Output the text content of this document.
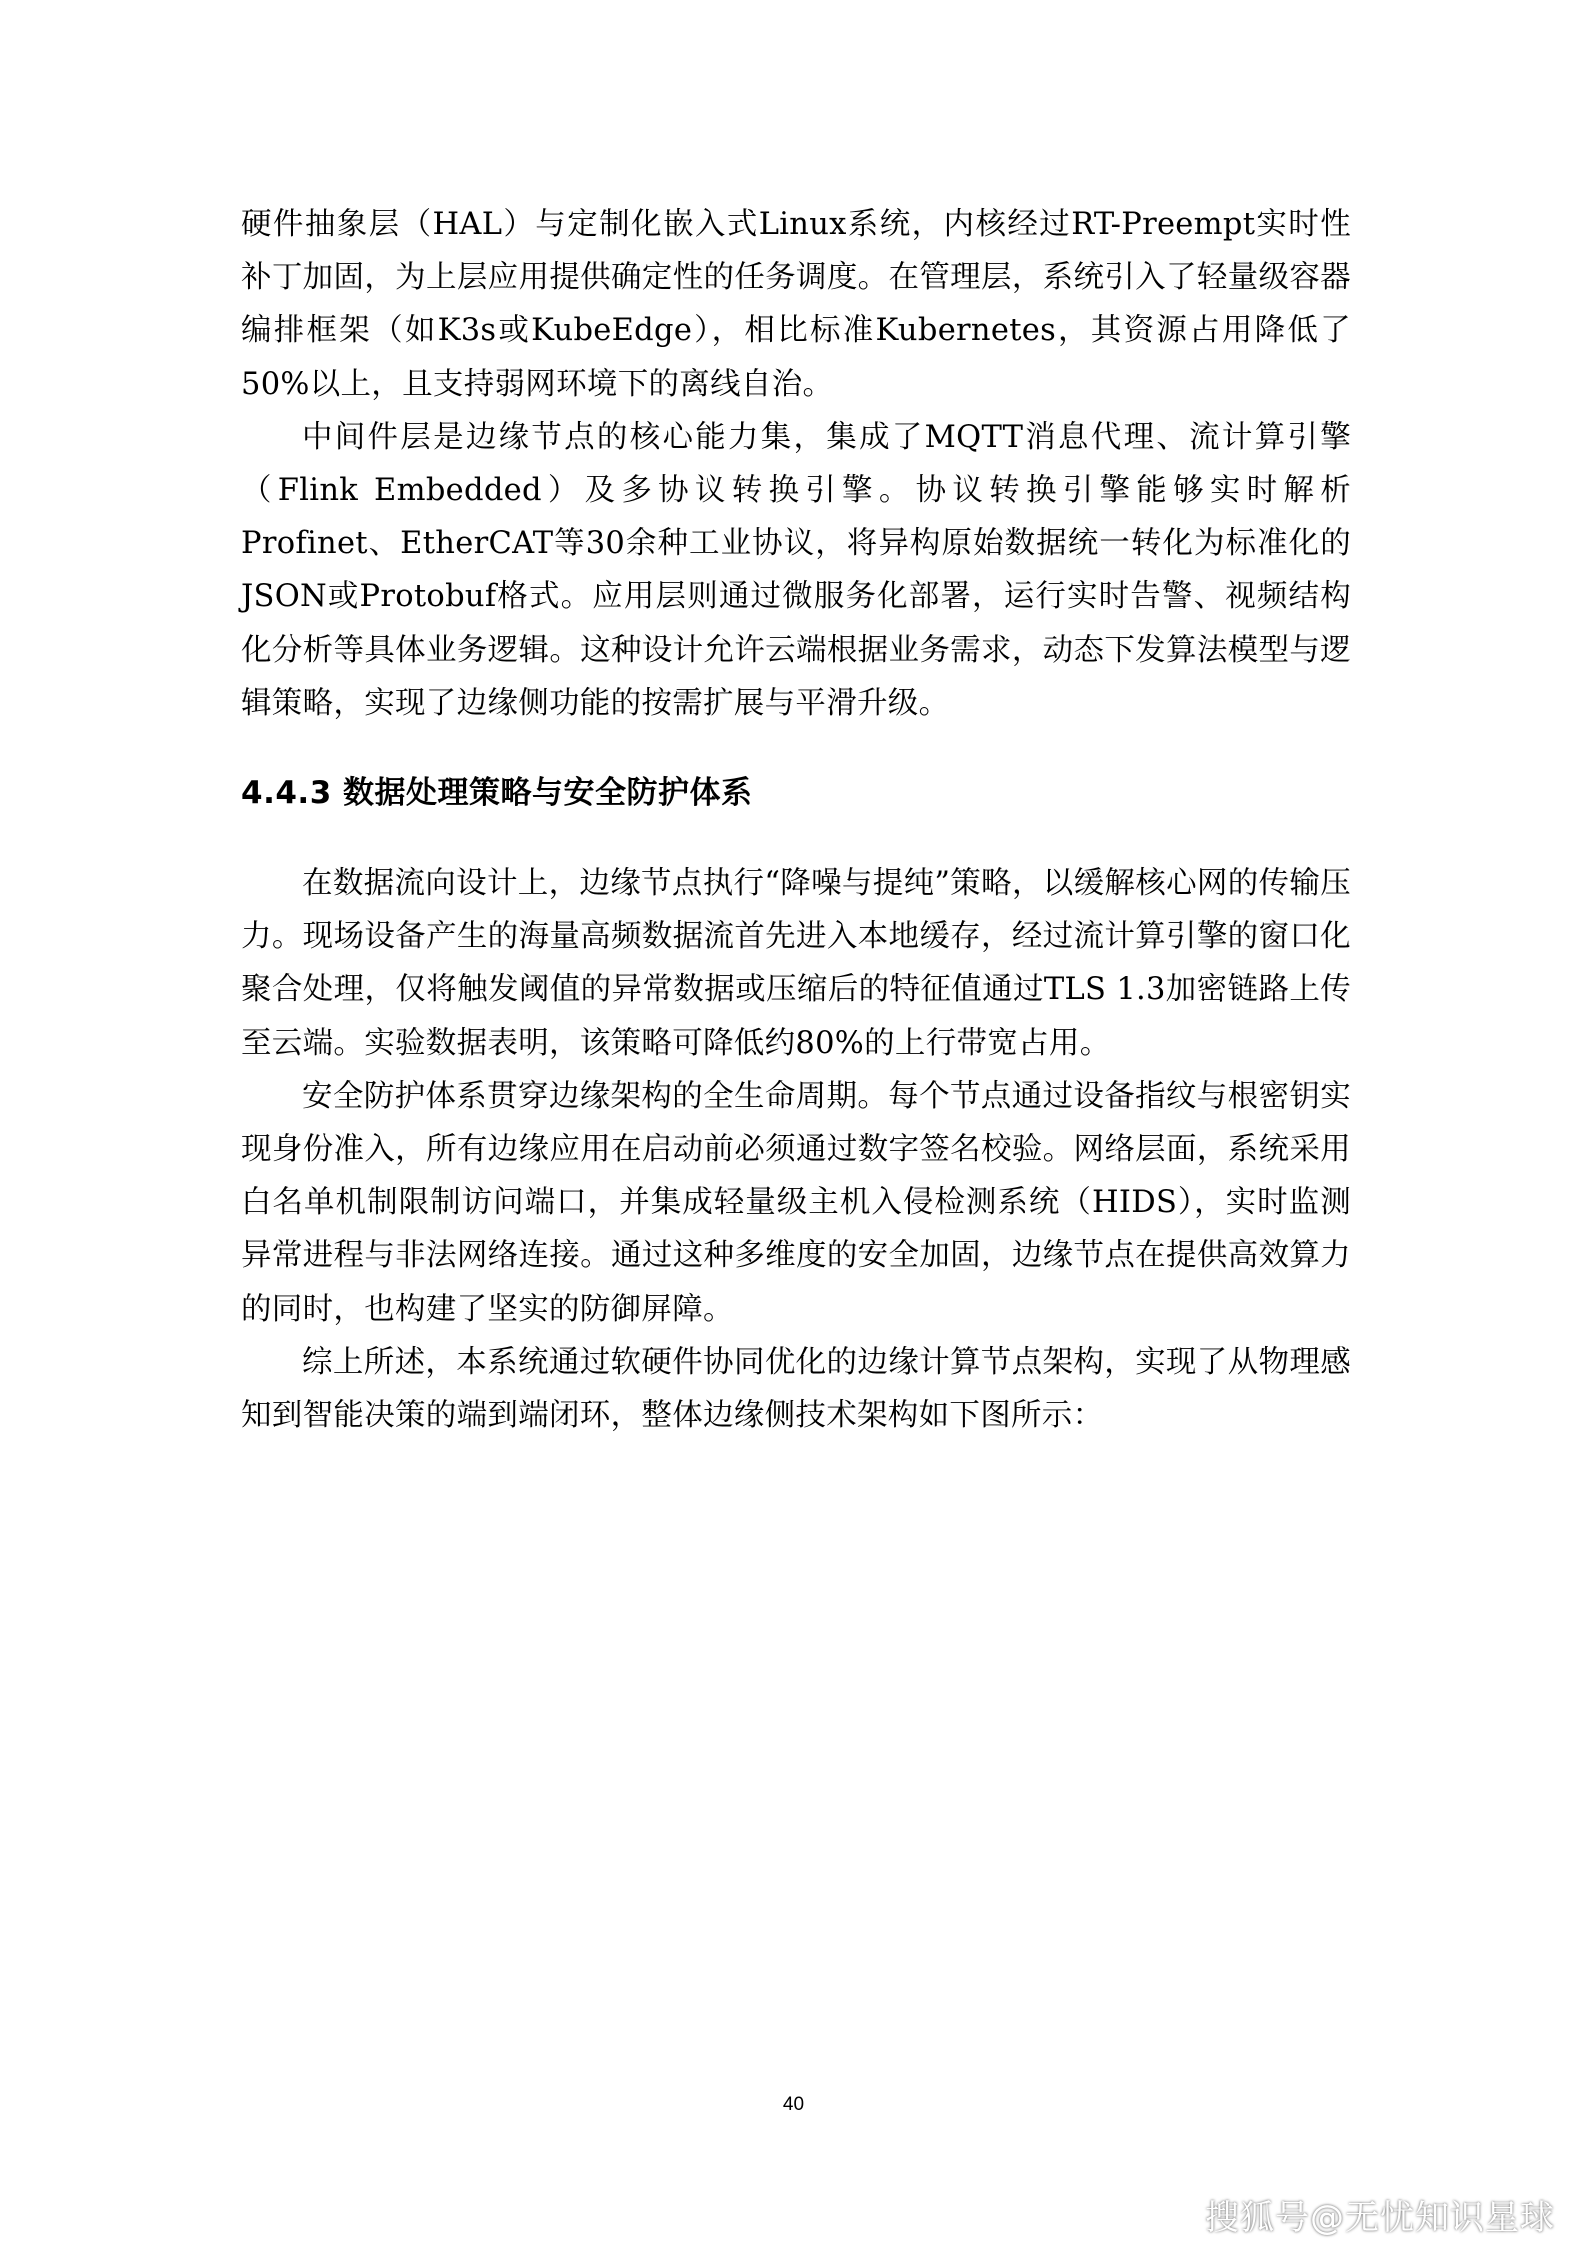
硬件抽象层（HAL）与定制化嵌入式Linux系统，内核经过RT-Preempt实时性补丁加固，为上层应用提供确定性的任务调度。在管理层，系统引入了轻量级容器编排框架（如K3s或KubeEdge），相比标准Kubernetes，其资源占用降低了50%以上，且支持弱网环境下的离线自治。

中间件层是边缘节点的核心能力集，集成了MQTT消息代理、流计算引擎（Flink Embedded）及多协议转换引擎。协议转换引擎能够实时解析Profinet、EtherCAT等30余种工业协议，将异构原始数据统一转化为标准化的JSON或Protobuf格式。应用层则通过微服务化部署，运行实时告警、视频结构化分析等具体业务逻辑。这种设计允许云端根据业务需求，动态下发算法模型与逻辑策略，实现了边缘侧功能的按需扩展与平滑升级。

4.4.3 数据处理策略与安全防护体系

在数据流向设计上，边缘节点执行“降噪与提纯”策略，以缓解核心网的传输压力。现场设备产生的海量高频数据流首先进入本地缓存，经过流计算引擎的窗口化聚合处理，仅将触发阈值的异常数据或压缩后的特征值通过TLS 1.3加密链路上传至云端。实验数据表明，该策略可降低约80%的上行带宽占用。

安全防护体系贯穿边缘架构的全生命周期。每个节点通过设备指纹与根密钥实现身份准入，所有边缘应用在启动前必须通过数字签名校验。网络层面，系统采用白名单机制限制访问端口，并集成轻量级主机入侵检测系统（HIDS），实时监测异常进程与非法网络连接。通过这种多维度的安全加固，边缘节点在提供高效算力的同时，也构建了坚实的防御屏障。

综上所述，本系统通过软硬件协同优化的边缘计算节点架构，实现了从物理感知到智能决策的端到端闭环，整体边缘侧技术架构如下图所示：

40
搜狐号@无忧知识星球
